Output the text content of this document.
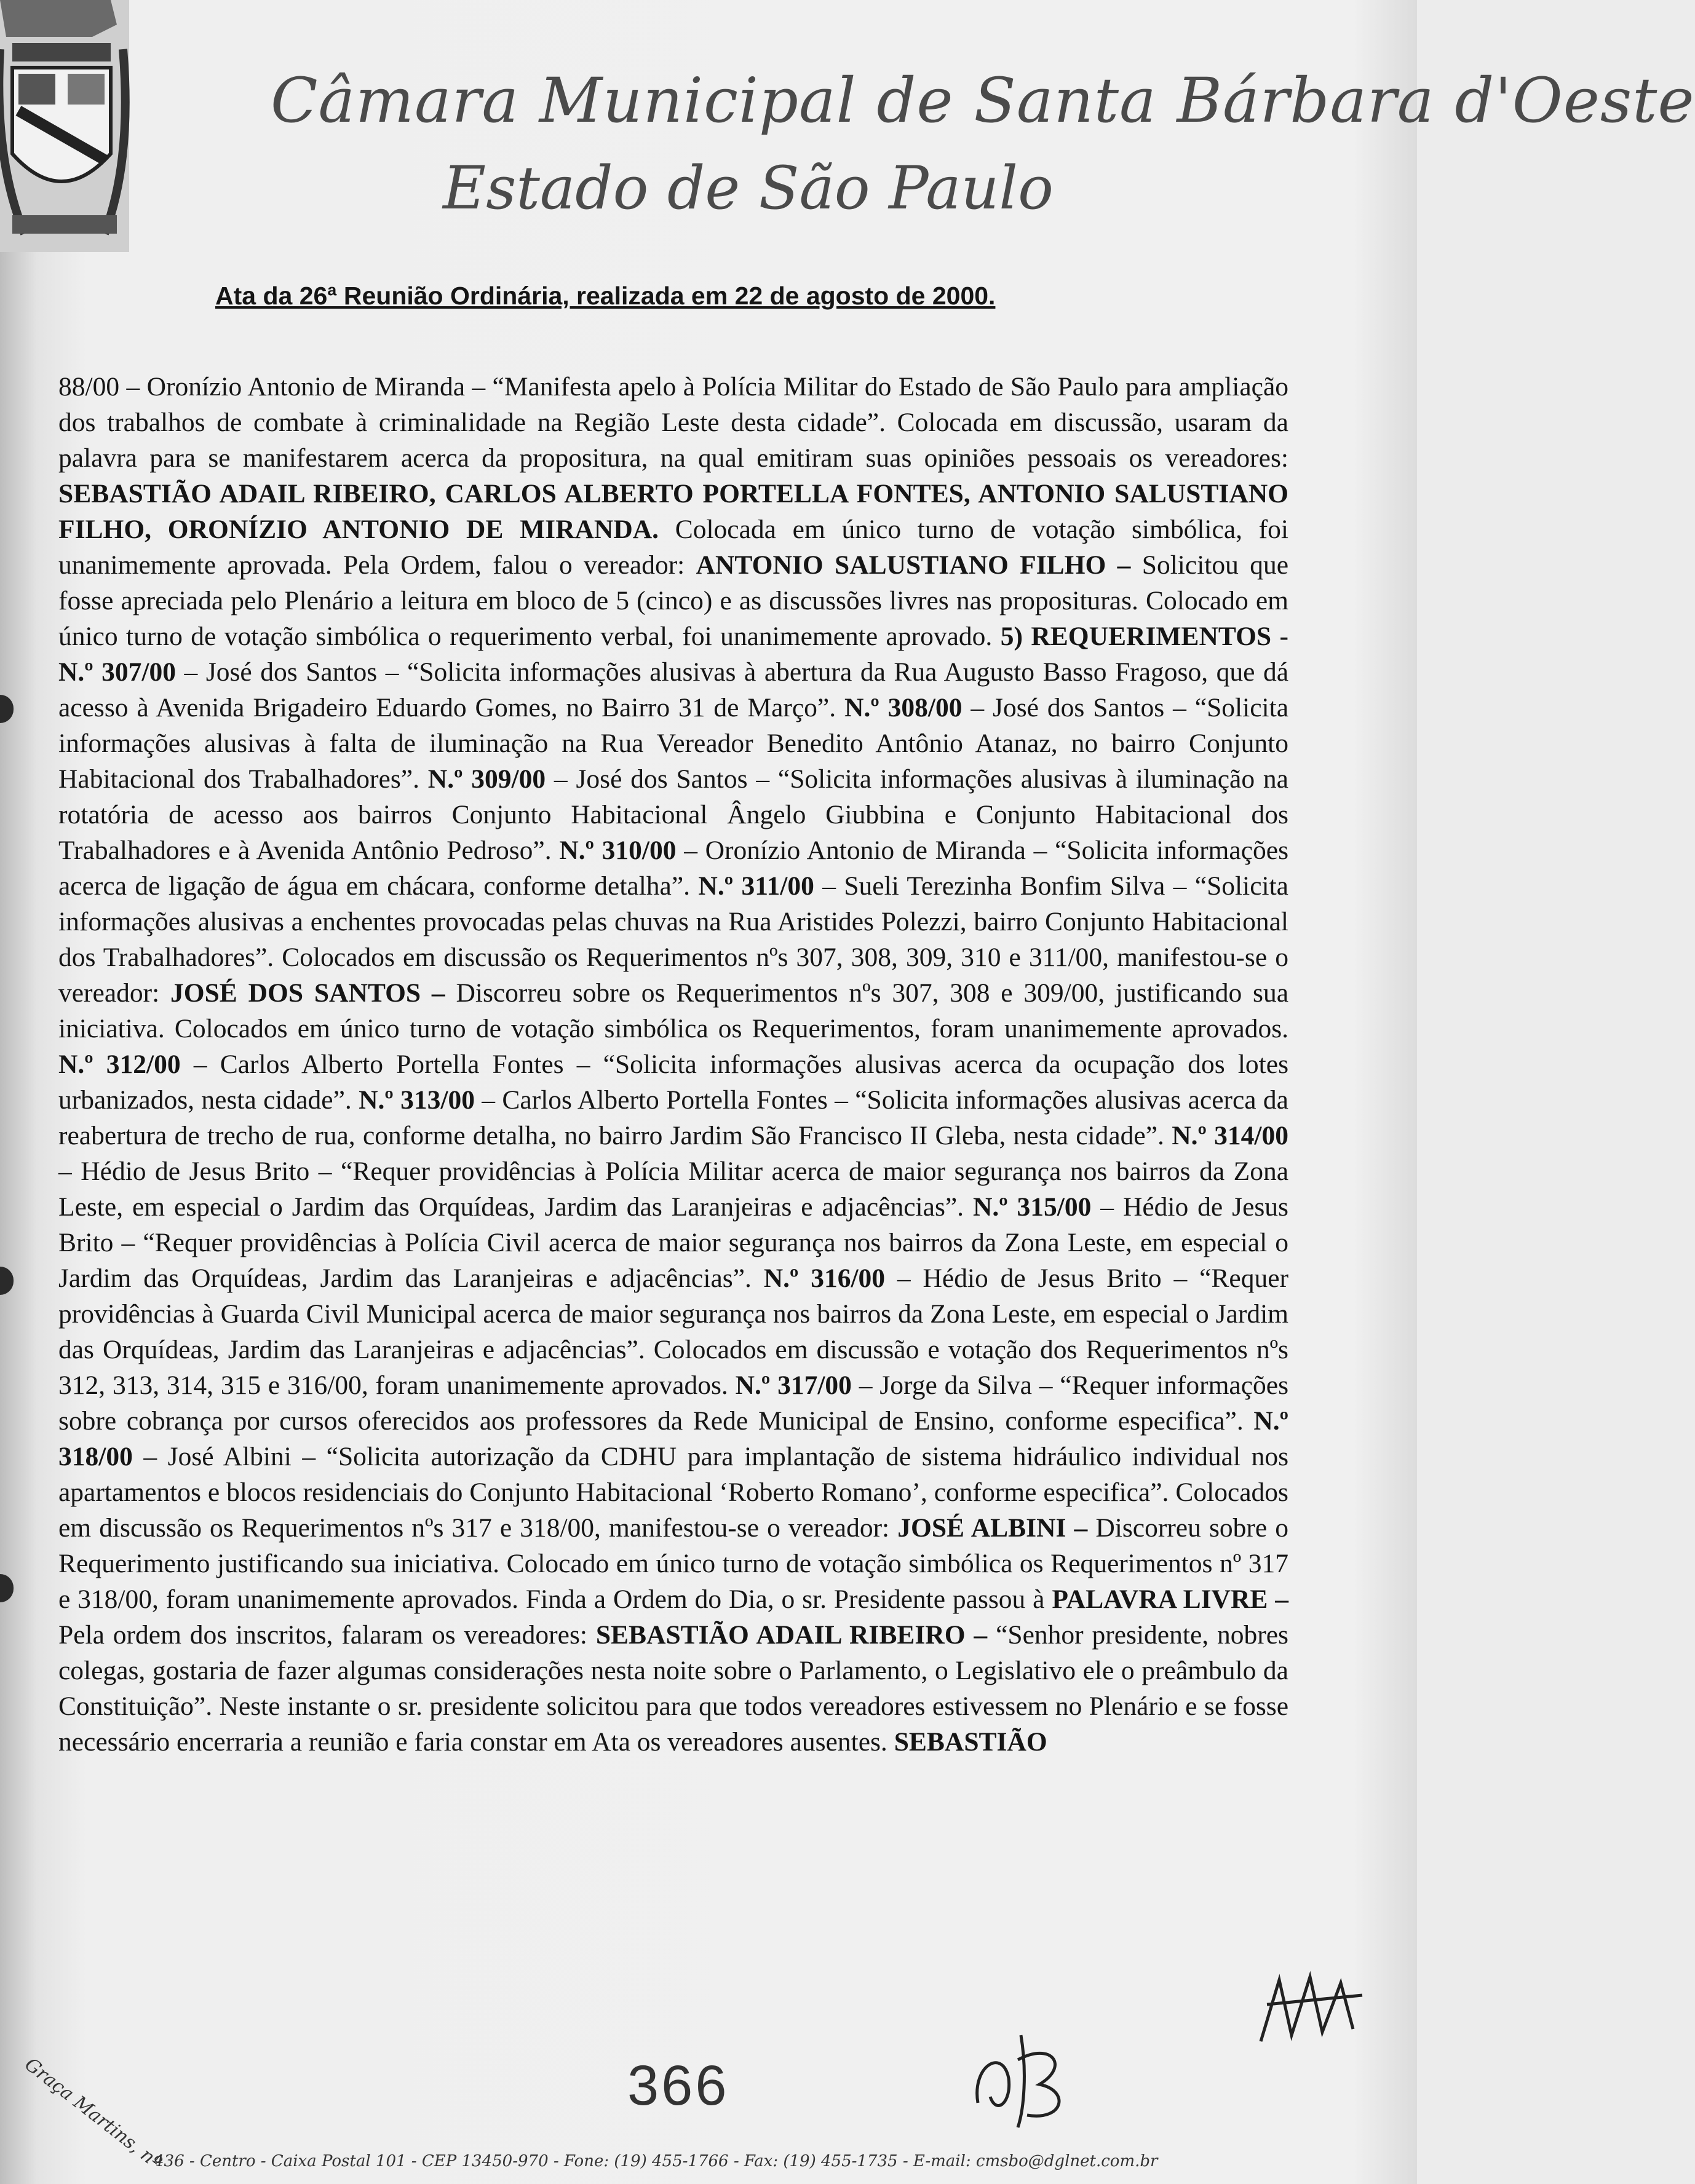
Câmara Municipal de Santa Bárbara d'Oeste
Estado de São Paulo
Ata da 26ª Reunião Ordinária, realizada em 22 de agosto de 2000.

88/00 – Oronízio Antonio de Miranda – “Manifesta apelo à Polícia Militar do Estado de São Paulo para ampliação dos trabalhos de combate à criminalidade na Região Leste desta cidade”. Colocada em discussão, usaram da palavra para se manifestarem acerca da propositura, na qual emitiram suas opiniões pessoais os vereadores: SEBASTIÃO ADAIL RIBEIRO, CARLOS ALBERTO PORTELLA FONTES, ANTONIO SALUSTIANO FILHO, ORONÍZIO ANTONIO DE MIRANDA. Colocada em único turno de votação simbólica, foi unanimemente aprovada. Pela Ordem, falou o vereador: ANTONIO SALUSTIANO FILHO – Solicitou que fosse apreciada pelo Plenário a leitura em bloco de 5 (cinco) e as discussões livres nas proposituras. Colocado em único turno de votação simbólica o requerimento verbal, foi unanimemente aprovado. 5) REQUERIMENTOS - N.º 307/00 – José dos Santos – “Solicita informações alusivas à abertura da Rua Augusto Basso Fragoso, que dá acesso à Avenida Brigadeiro Eduardo Gomes, no Bairro 31 de Março”. N.º 308/00 – José dos Santos – “Solicita informações alusivas à falta de iluminação na Rua Vereador Benedito Antônio Atanaz, no bairro Conjunto Habitacional dos Trabalhadores”. N.º 309/00 – José dos Santos – “Solicita informações alusivas à iluminação na rotatória de acesso aos bairros Conjunto Habitacional Ângelo Giubbina e Conjunto Habitacional dos Trabalhadores e à Avenida Antônio Pedroso”. N.º 310/00 – Oronízio Antonio de Miranda – “Solicita informações acerca de ligação de água em chácara, conforme detalha”. N.º 311/00 – Sueli Terezinha Bonfim Silva – “Solicita informações alusivas a enchentes provocadas pelas chuvas na Rua Aristides Polezzi, bairro Conjunto Habitacional dos Trabalhadores”. Colocados em discussão os Requerimentos nºs 307, 308, 309, 310 e 311/00, manifestou-se o vereador: JOSÉ DOS SANTOS – Discorreu sobre os Requerimentos nºs 307, 308 e 309/00, justificando sua iniciativa. Colocados em único turno de votação simbólica os Requerimentos, foram unanimemente aprovados. N.º 312/00 – Carlos Alberto Portella Fontes – “Solicita informações alusivas acerca da ocupação dos lotes urbanizados, nesta cidade”. N.º 313/00 – Carlos Alberto Portella Fontes – “Solicita informações alusivas acerca da reabertura de trecho de rua, conforme detalha, no bairro Jardim São Francisco II Gleba, nesta cidade”. N.º 314/00 – Hédio de Jesus Brito – “Requer providências à Polícia Militar acerca de maior segurança nos bairros da Zona Leste, em especial o Jardim das Orquídeas, Jardim das Laranjeiras e adjacências”. N.º 315/00 – Hédio de Jesus Brito – “Requer providências à Polícia Civil acerca de maior segurança nos bairros da Zona Leste, em especial o Jardim das Orquídeas, Jardim das Laranjeiras e adjacências”. N.º 316/00 – Hédio de Jesus Brito – “Requer providências à Guarda Civil Municipal acerca de maior segurança nos bairros da Zona Leste, em especial o Jardim das Orquídeas, Jardim das Laranjeiras e adjacências”. Colocados em discussão e votação dos Requerimentos nºs 312, 313, 314, 315 e 316/00, foram unanimemente aprovados. N.º 317/00 – Jorge da Silva – “Requer informações sobre cobrança por cursos oferecidos aos professores da Rede Municipal de Ensino, conforme especifica”. N.º 318/00 – José Albini – “Solicita autorização da CDHU para implantação de sistema hidráulico individual nos apartamentos e blocos residenciais do Conjunto Habitacional ‘Roberto Romano’, conforme especifica”. Colocados em discussão os Requerimentos nºs 317 e 318/00, manifestou-se o vereador: JOSÉ ALBINI – Discorreu sobre o Requerimento justificando sua iniciativa. Colocado em único turno de votação simbólica os Requerimentos nº 317 e 318/00, foram unanimemente aprovados. Finda a Ordem do Dia, o sr. Presidente passou à PALAVRA LIVRE – Pela ordem dos inscritos, falaram os vereadores: SEBASTIÃO ADAIL RIBEIRO – “Senhor presidente, nobres colegas, gostaria de fazer algumas considerações nesta noite sobre o Parlamento, o Legislativo ele o preâmbulo da Constituição”. Neste instante o sr. presidente solicitou para que todos vereadores estivessem no Plenário e se fosse necessário encerraria a reunião e faria constar em Ata os vereadores ausentes. SEBASTIÃO

366
Graça Martins, nº
436 - Centro - Caixa Postal 101 - CEP 13450-970 - Fone: (19) 455-1766 - Fax: (19) 455-1735 - E-mail: cmsbo@dglnet.com.br
